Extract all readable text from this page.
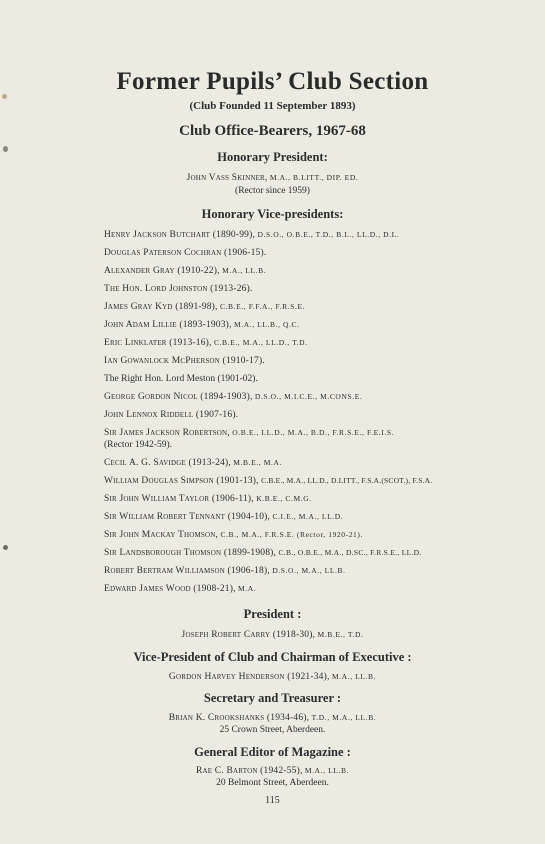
Former Pupils’ Club Section
(Club Founded 11 September 1893)
Club Office-Bearers, 1967-68
Honorary President:
John Vass Skinner, M.A., B.LITT., DIP. ED.
(Rector since 1959)
Honorary Vice-presidents:
Henry Jackson Butchart (1890-99), D.S.O., O.B.E., T.D., B.L., LL.D., D.L.
Douglas Paterson Cochran (1906-15).
Alexander Gray (1910-22), M.A., LL.B.
The Hon. Lord Johnston (1913-26).
James Gray Kyd (1891-98), C.B.E., F.F.A., F.R.S.E.
John Adam Lillie (1893-1903), M.A., LL.B., Q.C.
Eric Linklater (1913-16), C.B.E., M.A., LL.D., T.D.
Ian Gowanlock McPherson (1910-17).
The Right Hon. Lord Meston (1901-02).
George Gordon Nicol (1894-1903), D.S.O., M.I.C.E., M.CONS.E.
John Lennox Riddell (1907-16).
Sir James Jackson Robertson, O.B.E., LL.D., M.A., B.D., F.R.S.E., F.E.I.S.
(Rector 1942-59).
Cecil A. G. Savidge (1913-24), M.B.E., M.A.
William Douglas Simpson (1901-13), C.B.E., M.A., LL.D., D.LITT., F.S.A.(SCOT.), F.S.A.
Sir John William Taylor (1906-11), K.B.E., C.M.G.
Sir William Robert Tennant (1904-10), C.I.E., M.A., LL.D.
Sir John Mackay Thomson, C.B., M.A., F.R.S.E. (Rector, 1920-21).
Sir Landsborough Thomson (1899-1908), C.B., O.B.E., M.A., D.SC., F.R.S.E., LL.D.
Robert Bertram Williamson (1906-18), D.S.O., M.A., LL.B.
Edward James Wood (1908-21), M.A.
President :
Joseph Robert Carry (1918-30), M.B.E., T.D.
Vice-President of Club and Chairman of Executive :
Gordon Harvey Henderson (1921-34), M.A., LL.B.
Secretary and Treasurer :
Brian K. Crookshanks (1934-46), T.D., M.A., LL.B.
25 Crown Street, Aberdeen.
General Editor of Magazine :
Rae C. Barton (1942-55), M.A., LL.B.
20 Belmont Street, Aberdeen.
115
